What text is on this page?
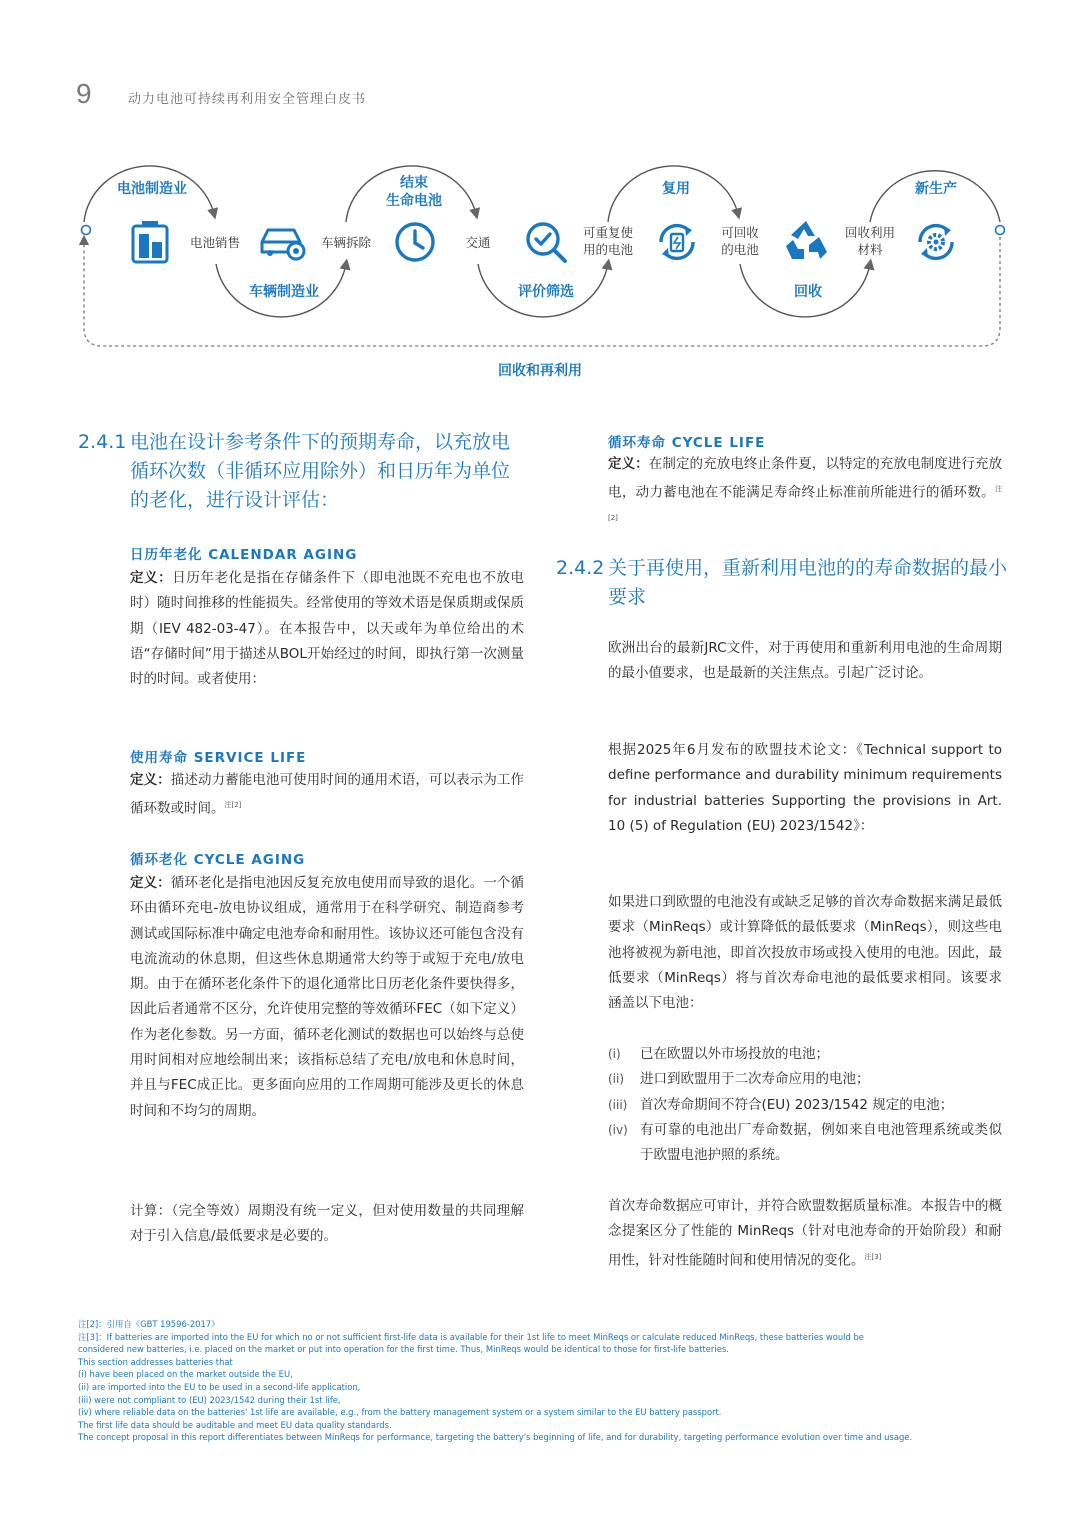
9	动力电池可持续再利用安全管理白皮书
电池制造业	结束
生命电池
复用	新生产
车辆制造业	评价筛选	回收
电池销售	车辆拆除	交通
可重复使
用的电池
可回收
的电池
回收利用
材料
回收和再利用
2.4.1 电池在设计参考条件下的预期寿命，以充放电循环次数（非循环应用除外）和日历年为单位的老化，进行设计评估：
日历年老化 CALENDAR AGING
定义：日历年老化是指在存储条件下（即电池既不充电也不放电时）随时间推移的性能损失。经常使用的等效术语是保质期或保质期（IEV 482-03-47）。在本报告中，以天或年为单位给出的术语“存储时间”用于描述从BOL开始经过的时间，即执行第一次测量时的时间。或者使用：
使用寿命 SERVICE LIFE
定义：描述动力蓄能电池可使用时间的通用术语，可以表示为工作循环数或时间。$^{注[2]}$
循环老化 CYCLE AGING
定义：循环老化是指电池因反复充放电使用而导致的退化。一个循环由循环充电-放电协议组成，通常用于在科学研究、制造商参考测试或国际标准中确定电池寿命和耐用性。该协议还可能包含没有电流流动的休息期，但这些休息期通常大约等于或短于充电/放电期。由于在循环老化条件下的退化通常比日历老化条件要快得多，因此后者通常不区分，允许使用完整的等效循环FEC（如下定义）作为老化参数。另一方面，循环老化测试的数据也可以始终与总使用时间相对应地绘制出来；该指标总结了充电/放电和休息时间，并且与FEC成正比。更多面向应用的工作周期可能涉及更长的休息时间和不均匀的周期。
计算：（完全等效）周期没有统一定义，但对使用数量的共同理解对于引入信息/最低要求是必要的。
循环寿命 CYCLE LIFE
定义：在制定的充放电终止条件夏，以特定的充放电制度进行充放电，动力蓄电池在不能满足寿命终止标准前所能进行的循环数。$^{注[2]}$
2.4.2 关于再使用，重新利用电池的的寿命数据的最小要求
欧洲出台的最新JRC文件，对于再使用和重新利用电池的生命周期的最小值要求，也是最新的关注焦点。引起广泛讨论。
根据2025年6月发布的欧盟技术论文：《Technical support to define performance and durability minimum requirements for industrial batteries Supporting the provisions in Art. 10 (5) of Regulation (EU) 2023/1542》：
如果进口到欧盟的电池没有或缺乏足够的首次寿命数据来满足最低要求（MinReqs）或计算降低的最低要求（MinReqs），则这些电池将被视为新电池，即首次投放市场或投入使用的电池。因此，最低要求（MinReqs）将与首次寿命电池的最低要求相同。该要求涵盖以下电池：
(i) 已在欧盟以外市场投放的电池；
(ii) 进口到欧盟用于二次寿命应用的电池；
(iii) 首次寿命期间不符合(EU) 2023/1542 规定的电池；
(iv) 有可靠的电池出厂寿命数据，例如来自电池管理系统或类似于欧盟电池护照的系统。
首次寿命数据应可审计，并符合欧盟数据质量标准。本报告中的概念提案区分了性能的 MinReqs（针对电池寿命的开始阶段）和耐用性，针对性能随时间和使用情况的变化。$^{注[3]}$
注[2]：引用自《GBT 19596-2017》
注[3]：If batteries are imported into the EU for which no or not sufficient first-life data is available for their 1st life to meet MinReqs or calculate reduced MinReqs, these batteries would be
considered new batteries, i.e. placed on the market or put into operation for the first time. Thus, MinReqs would be identical to those for first-life batteries.
This section addresses batteries that
(i) have been placed on the market outside the EU,
(ii) are imported into the EU to be used in a second-life application,
(iii) were not compliant to (EU) 2023/1542 during their 1st life,
(iv) where reliable data on the batteries' 1st life are available, e.g., from the battery management system or a system similar to the EU battery passport.
The first life data should be auditable and meet EU data quality standards.
The concept proposal in this report differentiates between MinReqs for performance, targeting the battery's beginning of life, and for durability, targeting performance evolution over time and usage.
